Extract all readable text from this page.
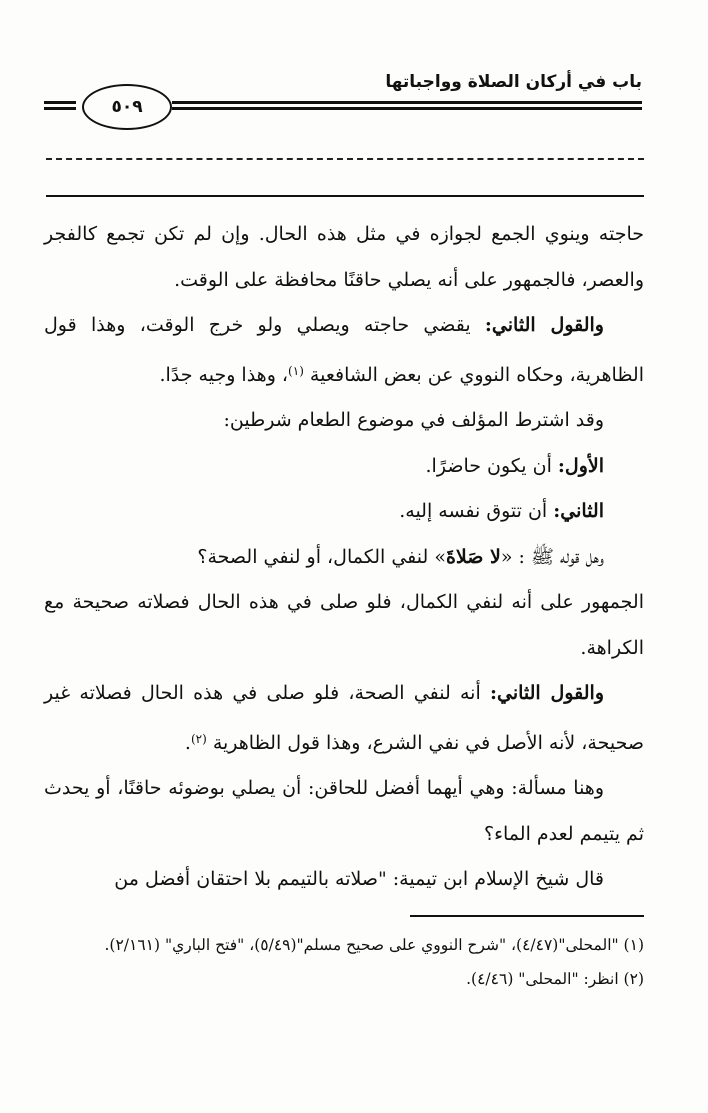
باب في أركان الصلاة وواجباتها
٥٠٩

حاجته وينوي الجمع لجوازه في مثل هذه الحال. وإن لم تكن تجمع كالفجر والعصر، فالجمهور على أنه يصلي حاقنًا محافظة على الوقت.

والقول الثاني: يقضي حاجته ويصلي ولو خرج الوقت، وهذا قول الظاهرية، وحكاه النووي عن بعض الشافعية $^{(١)}$، وهذا وجيه جدًا.

وقد اشترط المؤلف في موضوع الطعام شرطين:

الأول: أن يكون حاضرًا.

الثاني: أن تتوق نفسه إليه.

وهل قوله ﷺ : «لا صَلاةَ» لنفي الكمال، أو لنفي الصحة؟

الجمهور على أنه لنفي الكمال، فلو صلى في هذه الحال فصلاته صحيحة مع الكراهة.

والقول الثاني: أنه لنفي الصحة، فلو صلى في هذه الحال فصلاته غير صحيحة، لأنه الأصل في نفي الشرع، وهذا قول الظاهرية $^{(٢)}$.

وهنا مسألة: وهي أيهما أفضل للحاقن: أن يصلي بوضوئه حاقنًا، أو يحدث ثم يتيمم لعدم الماء؟

قال شيخ الإسلام ابن تيمية: "صلاته بالتيمم بلا احتقان أفضل من

(١) "المحلى"(٤/٤٧)، "شرح النووي على صحيح مسلم"(٥/٤٩)، "فتح الباري" (٢/١٦١).

(٢) انظر: "المحلى" (٤/٤٦).
